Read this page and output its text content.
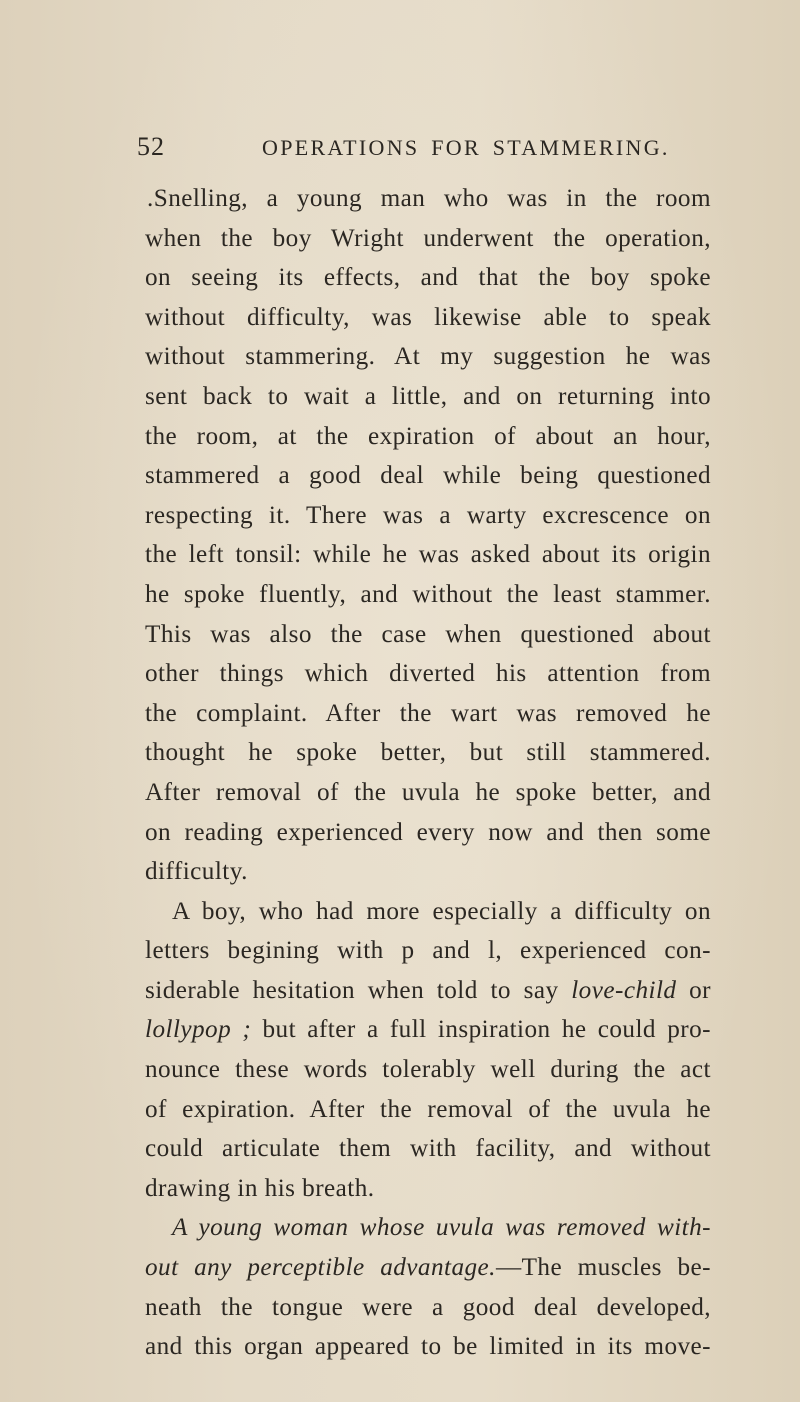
52	OPERATIONS FOR STAMMERING.
.Snelling, a young man who was in the room
when the boy Wright underwent the operation,
on seeing its effects, and that the boy spoke
without difficulty, was likewise able to speak
without stammering. At my suggestion he was
sent back to wait a little, and on returning into
the room, at the expiration of about an hour,
stammered a good deal while being questioned
respecting it. There was a warty excrescence on
the left tonsil: while he was asked about its origin
he spoke fluently, and without the least stammer.
This was also the case when questioned about
other things which diverted his attention from
the complaint. After the wart was removed he
thought he spoke better, but still stammered.
After removal of the uvula he spoke better, and
on reading experienced every now and then some
difficulty.
A boy, who had more especially a difficulty on
letters begining with p and l, experienced con-
siderable hesitation when told to say love-child or
lollypop ; but after a full inspiration he could pro-
nounce these words tolerably well during the act
of expiration. After the removal of the uvula he
could articulate them with facility, and without
drawing in his breath.
A young woman whose uvula was removed with-
out any perceptible advantage.—The muscles be-
neath the tongue were a good deal developed,
and this organ appeared to be limited in its move-
